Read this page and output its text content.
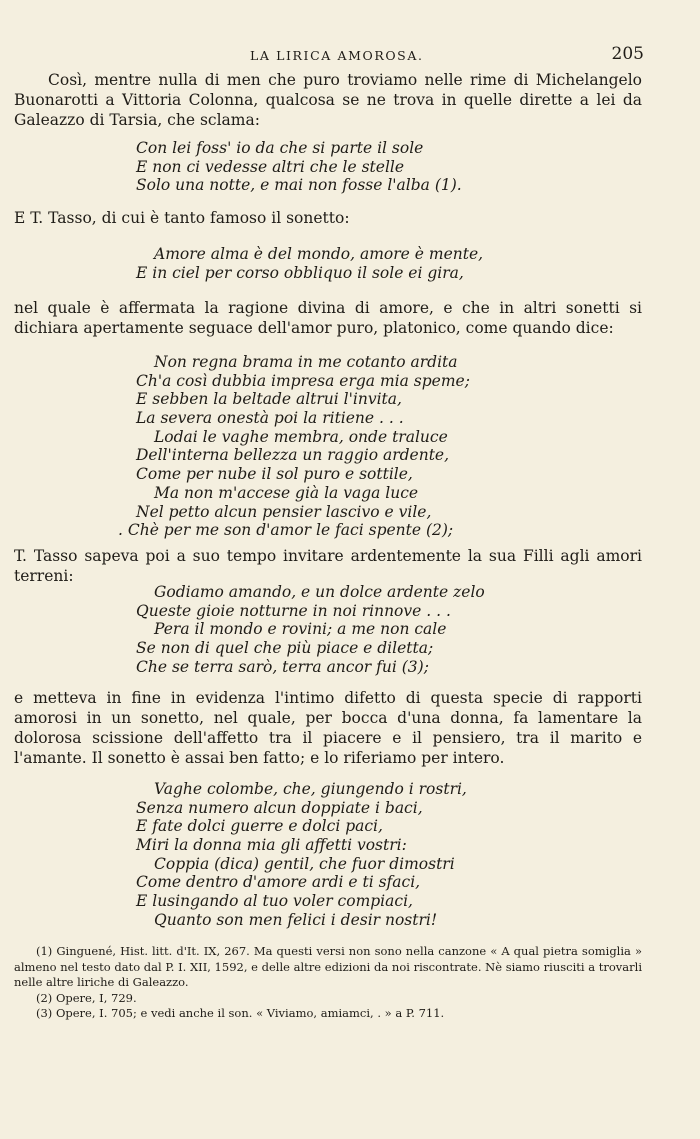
LA LIRICA AMOROSA.	205

Così, mentre nulla di men che puro troviamo nelle rime di Michelangelo Buonarotti a Vittoria Colonna, qualcosa se ne trova in quelle dirette a lei da Galeazzo di Tarsia, che sclama:

Con lei foss' io da che si parte il sole
E non ci vedesse altri che le stelle
Solo una notte, e mai non fosse l'alba (1).

E T. Tasso, di cui è tanto famoso il sonetto:

Amore alma è del mondo, amore è mente,
E in ciel per corso obbliquo il sole ei gira,

nel quale è affermata la ragione divina di amore, e che in altri sonetti si dichiara apertamente seguace dell'amor puro, platonico, come quando dice:

Non regna brama in me cotanto ardita
Ch'a così dubbia impresa erga mia speme;
E sebben la beltade altrui l'invita,
La severa onestà poi la ritiene . . .
Lodai le vaghe membra, onde traluce
Dell'interna bellezza un raggio ardente,
Come per nube il sol puro e sottile,
Ma non m'accese già la vaga luce
Nel petto alcun pensier lascivo e vile,
. Chè per me son d'amor le faci spente (2);

T. Tasso sapeva poi a suo tempo invitare ardentemente la sua Filli agli amori terreni:

Godiamo amando, e un dolce ardente zelo
Queste gioie notturne in noi rinnove . . .
Pera il mondo e rovini; a me non cale
Se non di quel che più piace e diletta;
Che se terra sarò, terra ancor fui (3);

e metteva in fine in evidenza l'intimo difetto di questa specie di rapporti amorosi in un sonetto, nel quale, per bocca d'una donna, fa lamentare la dolorosa scissione dell'affetto tra il piacere e il pensiero, tra il marito e l'amante. Il sonetto è assai ben fatto; e lo riferiamo per intero.

Vaghe colombe, che, giungendo i rostri,
Senza numero alcun doppiate i baci,
E fate dolci guerre e dolci paci,
Miri la donna mia gli affetti vostri:
Coppia (dica) gentil, che fuor dimostri
Come dentro d'amore ardi e ti sfaci,
E lusingando al tuo voler compiaci,
Quanto son men felici i desir nostri!

(1) Ginguené, Hist. litt. d'It. IX, 267. Ma questi versi non sono nella canzone « A qual pietra somiglia » almeno nel testo dato dal P. I. XII, 1592, e delle altre edizioni da noi riscontrate. Nè siamo riusciti a trovarli nelle altre liriche di Galeazzo.

(2) Opere, I, 729.

(3) Opere, I. 705; e vedi anche il son. « Viviamo, amiamci, . » a P. 711.
